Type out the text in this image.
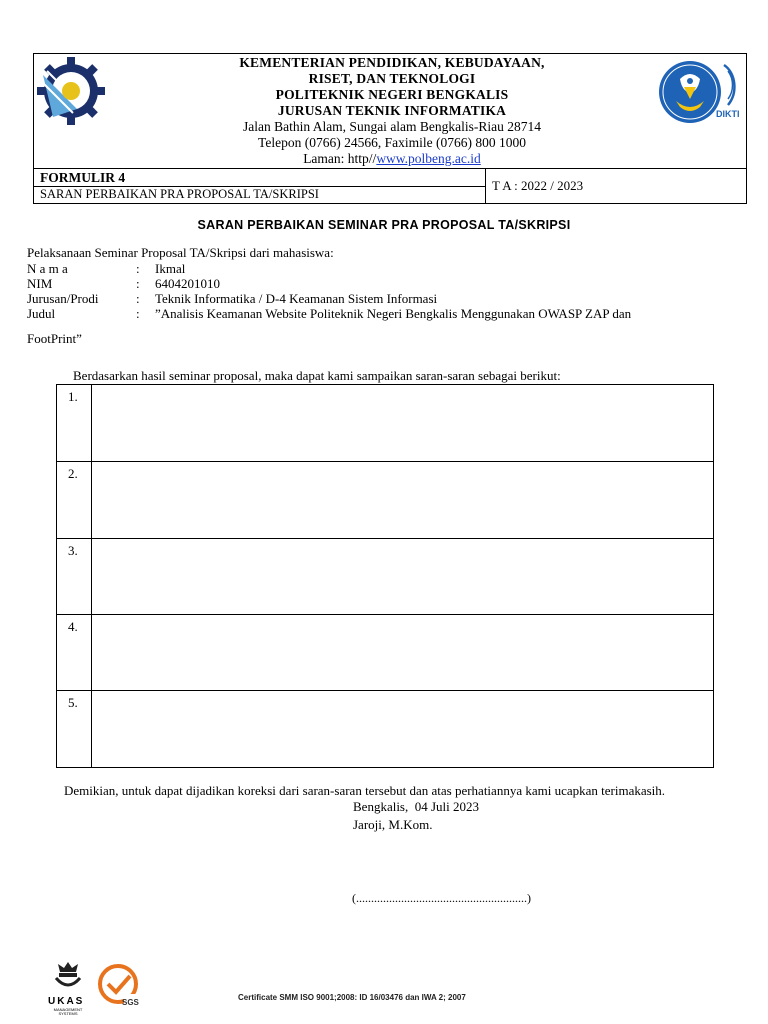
KEMENTERIAN PENDIDIKAN, KEBUDAYAAN,
RISET, DAN TEKNOLOGI
POLITEKNIK NEGERI BENGKALIS
JURUSAN TEKNIK INFORMATIKA
Jalan Bathin Alam, Sungai alam Bengkalis-Riau 28714
Telepon (0766) 24566, Faximile (0766) 800 1000
Laman: http//www.polbeng.ac.id
DIKTI
FORMULIR 4
SARAN PERBAIKAN PRA PROPOSAL TA/SKRIPSI
T A : 2022 / 2023
SARAN PERBAIKAN SEMINAR PRA PROPOSAL TA/SKRIPSI
Pelaksanaan Seminar Proposal TA/Skripsi dari mahasiswa:
N a m a	: Ikmal
NIM	: 6404201010
Jurusan/Prodi	: Teknik Informatika / D-4 Keamanan Sistem Informasi
Judul	: ”Analisis Keamanan Website Politeknik Negeri Bengkalis Menggunakan OWASP ZAP dan
FootPrint”
Berdasarkan hasil seminar proposal, maka dapat kami sampaikan saran-saran sebagai berikut:
1.
2.
3.
4.
5.
Demikian, untuk dapat dijadikan koreksi dari saran-saran tersebut dan atas perhatiannya kami ucapkan terimakasih.
Bengkalis,  04 Juli 2023
Jaroji, M.Kom.
(.........................................................)
UKAS
MANAGEMENT SYSTEMS
SGS
Certificate SMM ISO 9001;2008: ID 16/03476 dan IWA 2; 2007
